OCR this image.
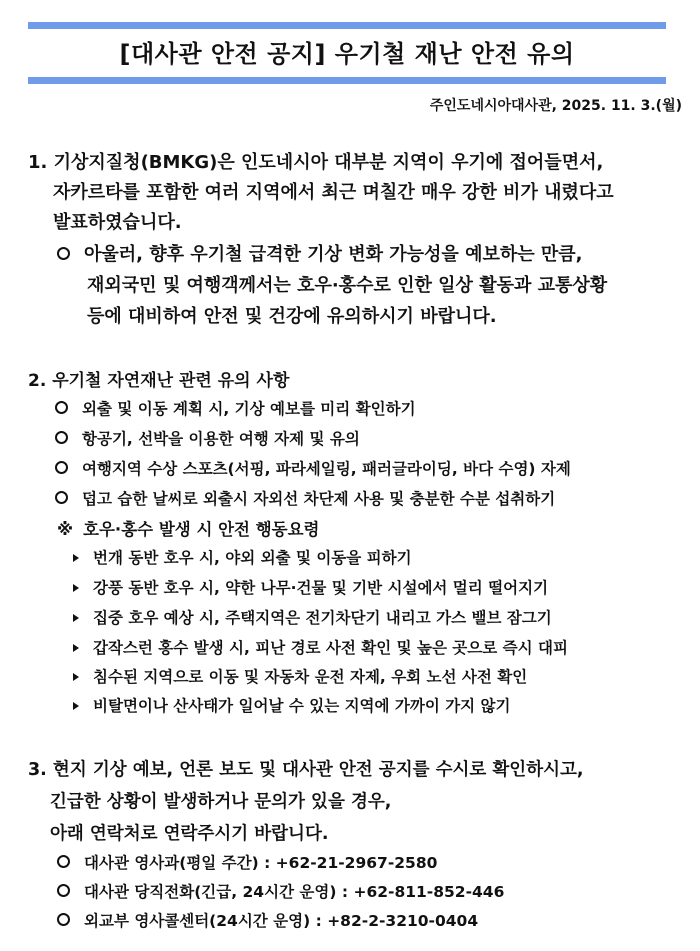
[대사관 안전 공지] 우기철 재난 안전 유의
주인도네시아대사관, 2025. 11. 3.(월)
1. 기상지질청(BMKG)은 인도네시아 대부분 지역이 우기에 접어들면서,
자카르타를 포함한 여러 지역에서 최근 며칠간 매우 강한 비가 내렸다고
발표하였습니다.
아울러, 향후 우기철 급격한 기상 변화 가능성을 예보하는 만큼,
재외국민 및 여행객께서는 호우·홍수로 인한 일상 활동과 교통상황
등에 대비하여 안전 및 건강에 유의하시기 바랍니다.
2. 우기철 자연재난 관련 유의 사항
외출 및 이동 계획 시, 기상 예보를 미리 확인하기
항공기, 선박을 이용한 여행 자제 및 유의
여행지역 수상 스포츠(서핑, 파라세일링, 패러글라이딩, 바다 수영) 자제
덥고 습한 날씨로 외출시 자외선 차단제 사용 및 충분한 수분 섭취하기
※ 호우·홍수 발생 시 안전 행동요령
번개 동반 호우 시, 야외 외출 및 이동을 피하기
강풍 동반 호우 시, 약한 나무·건물 및 기반 시설에서 멀리 떨어지기
집중 호우 예상 시, 주택지역은 전기차단기 내리고 가스 밸브 잠그기
갑작스런 홍수 발생 시, 피난 경로 사전 확인 및 높은 곳으로 즉시 대피
침수된 지역으로 이동 및 자동차 운전 자제, 우회 노선 사전 확인
비탈면이나 산사태가 일어날 수 있는 지역에 가까이 가지 않기
3. 현지 기상 예보, 언론 보도 및 대사관 안전 공지를 수시로 확인하시고,
긴급한 상황이 발생하거나 문의가 있을 경우,
아래 연락처로 연락주시기 바랍니다.
대사관 영사과(평일 주간) : +62-21-2967-2580
대사관 당직전화(긴급, 24시간 운영) : +62-811-852-446
외교부 영사콜센터(24시간 운영) : +82-2-3210-0404
